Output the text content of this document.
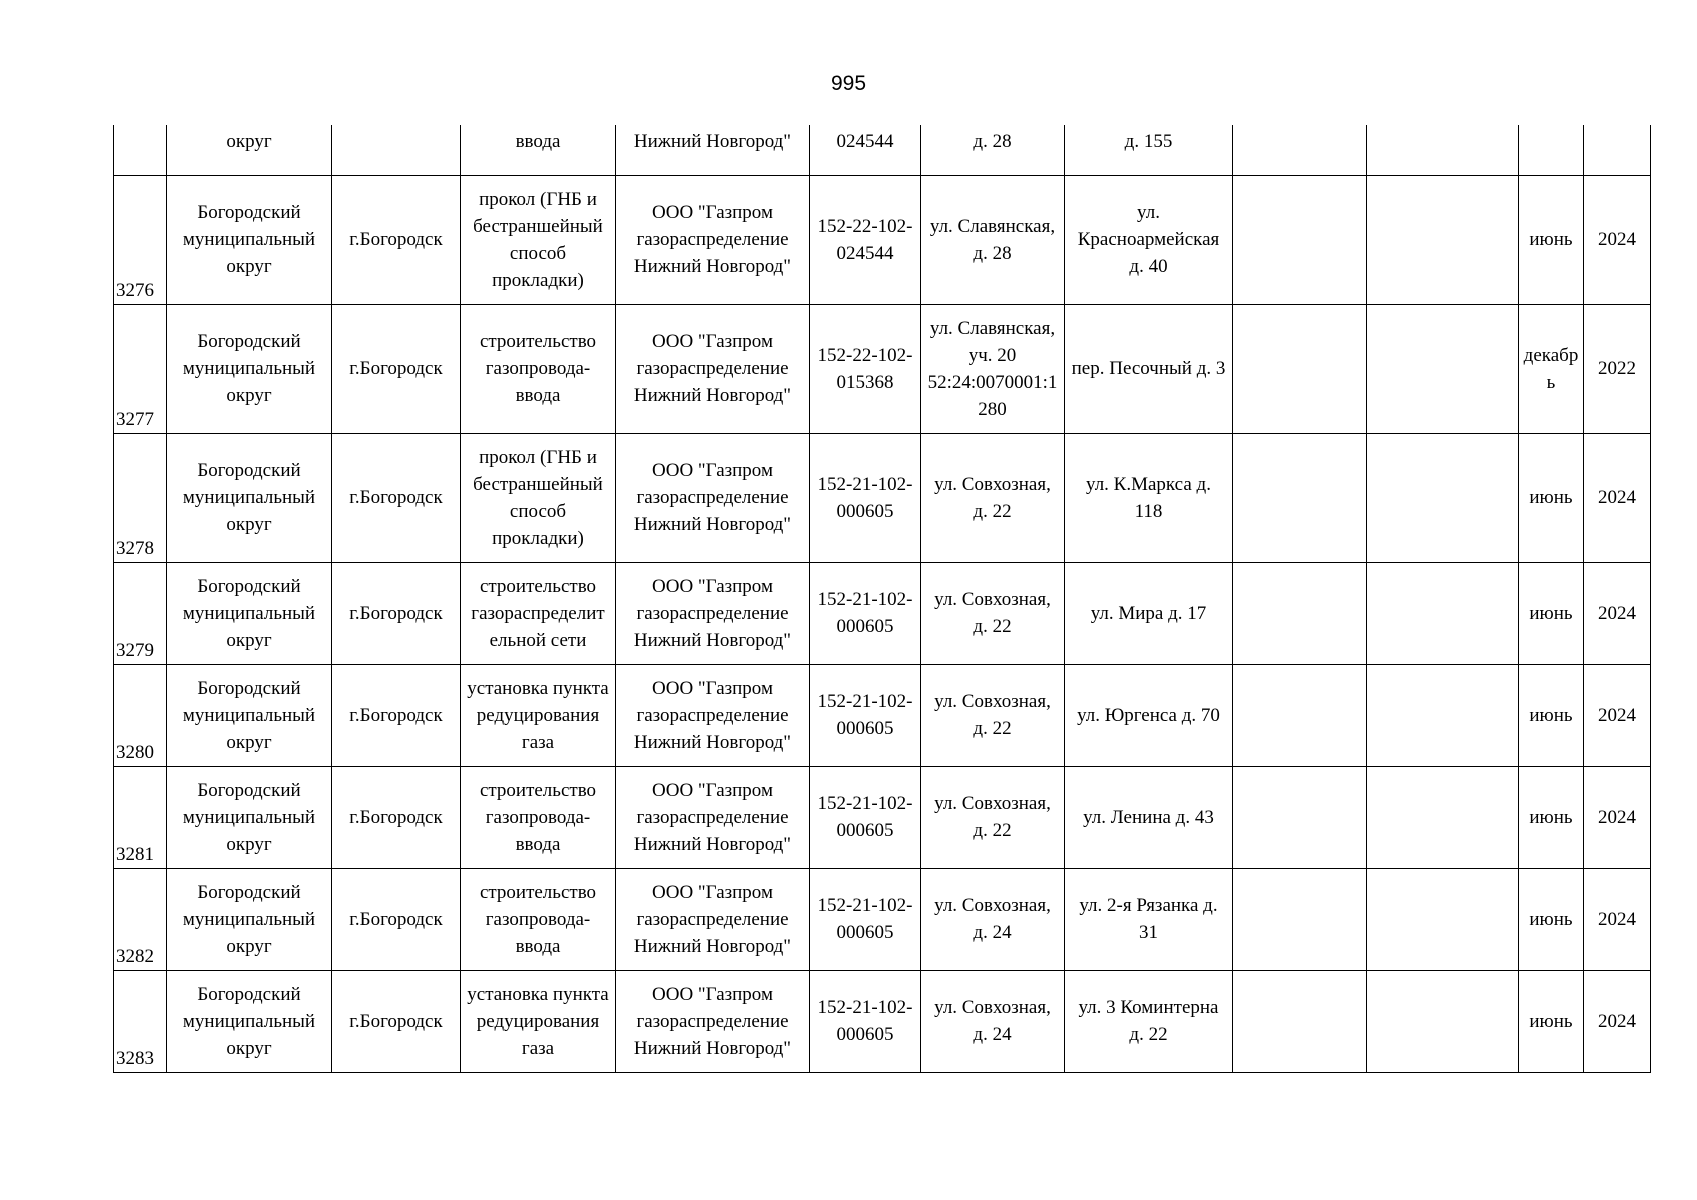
995
	округ		ввода	Нижний Новгород"	024544	д. 28	д. 155				
3276	Богородский
муниципальный
округ	г.Богородск	прокол (ГНБ и
бестраншейный
способ
прокладки)	ООО "Газпром
газораспределение
Нижний Новгород"	152-22-102-
024544	ул. Славянская,
д. 28	ул.
Красноармейская
д. 40			июнь	2024
3277	Богородский
муниципальный
округ	г.Богородск	строительство
газопровода-
ввода	ООО "Газпром
газораспределение
Нижний Новгород"	152-22-102-
015368	ул. Славянская,
уч. 20
52:24:0070001:1
280	пер. Песочный д. 3			декабр
ь	2022
3278	Богородский
муниципальный
округ	г.Богородск	прокол (ГНБ и
бестраншейный
способ
прокладки)	ООО "Газпром
газораспределение
Нижний Новгород"	152-21-102-
000605	ул. Совхозная,
д. 22	ул. К.Маркса д.
118			июнь	2024
3279	Богородский
муниципальный
округ	г.Богородск	строительство
газораспределит
ельной сети	ООО "Газпром
газораспределение
Нижний Новгород"	152-21-102-
000605	ул. Совхозная,
д. 22	ул. Мира д. 17			июнь	2024
3280	Богородский
муниципальный
округ	г.Богородск	установка пункта
редуцирования
газа	ООО "Газпром
газораспределение
Нижний Новгород"	152-21-102-
000605	ул. Совхозная,
д. 22	ул. Юргенса д. 70			июнь	2024
3281	Богородский
муниципальный
округ	г.Богородск	строительство
газопровода-
ввода	ООО "Газпром
газораспределение
Нижний Новгород"	152-21-102-
000605	ул. Совхозная,
д. 22	ул. Ленина д. 43			июнь	2024
3282	Богородский
муниципальный
округ	г.Богородск	строительство
газопровода-
ввода	ООО "Газпром
газораспределение
Нижний Новгород"	152-21-102-
000605	ул. Совхозная,
д. 24	ул. 2-я Рязанка д.
31			июнь	2024
3283	Богородский
муниципальный
округ	г.Богородск	установка пункта
редуцирования
газа	ООО "Газпром
газораспределение
Нижний Новгород"	152-21-102-
000605	ул. Совхозная,
д. 24	ул. 3 Коминтерна
д. 22			июнь	2024
